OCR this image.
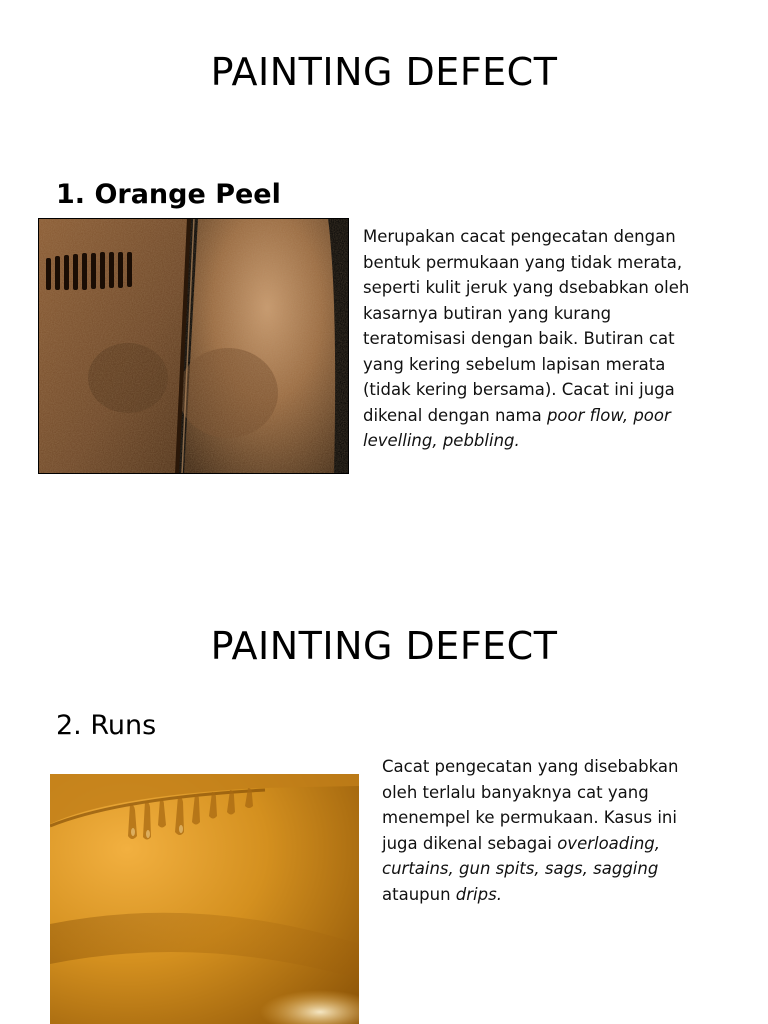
PAINTING DEFECT
1. Orange Peel
Merupakan cacat pengecatan dengan bentuk permukaan yang tidak merata, seperti kulit jeruk yang dsebabkan oleh kasarnya butiran yang kurang teratomisasi dengan baik. Butiran cat yang kering sebelum lapisan merata (tidak kering bersama). Cacat ini juga dikenal dengan nama poor flow, poor levelling, pebbling.
PAINTING DEFECT
2. Runs
Cacat pengecatan yang disebabkan oleh terlalu banyaknya cat yang menempel ke permukaan. Kasus ini juga dikenal sebagai overloading, curtains, gun spits, sags, sagging ataupun drips.
